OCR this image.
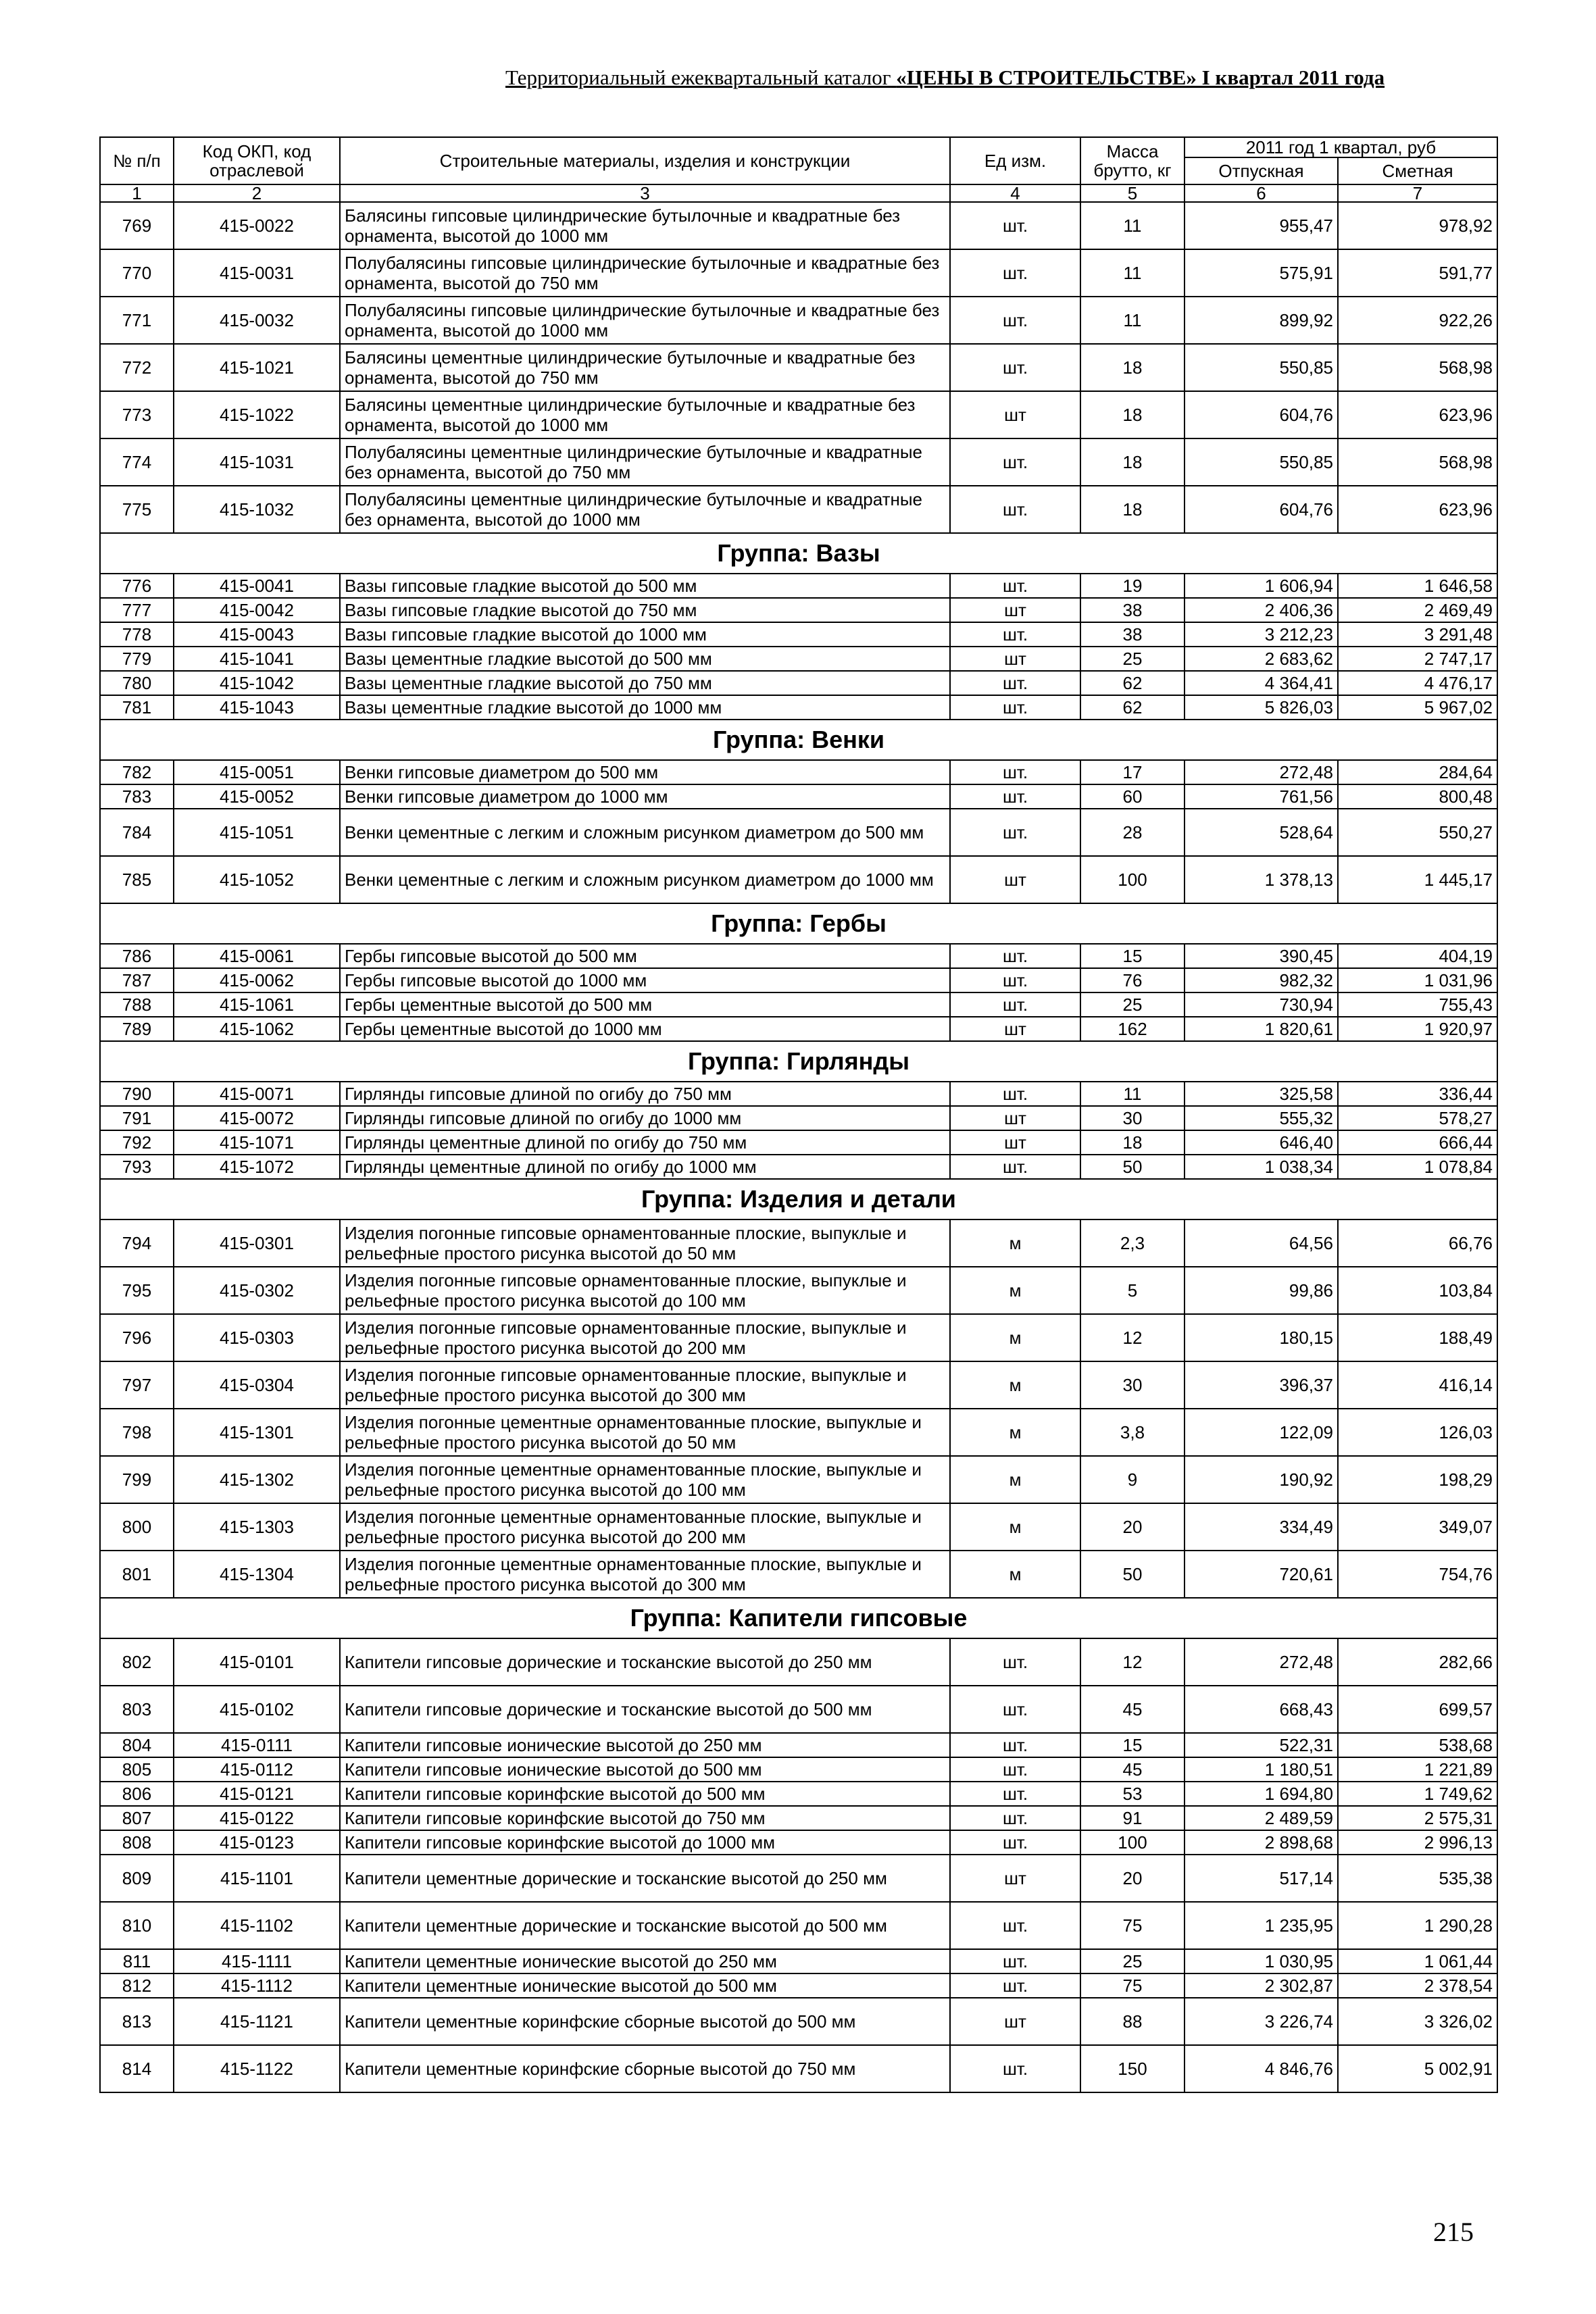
Территориальный ежеквартальный каталог «ЦЕНЫ В СТРОИТЕЛЬСТВЕ» I квартал 2011 года
№ п/п	Код ОКП, код отраслевой	Строительные материалы, изделия и конструкции	Ед изм.	Масса брутто, кг	2011 год 1 квартал, руб	
					Отпускная	Сметная
1	2	3	4	5	6	7
769	415-0022	Балясины гипсовые цилиндрические бутылочные и квадратные без орнамента, высотой до 1000 мм	шт.	11	955,47	978,92
770	415-0031	Полубалясины гипсовые цилиндрические бутылочные и квадратные без орнамента, высотой до 750 мм	шт.	11	575,91	591,77
771	415-0032	Полубалясины гипсовые цилиндрические бутылочные и квадратные без орнамента, высотой до 1000 мм	шт.	11	899,92	922,26
772	415-1021	Балясины цементные цилиндрические бутылочные и квадратные без орнамента, высотой до 750 мм	шт.	18	550,85	568,98
773	415-1022	Балясины цементные цилиндрические бутылочные и квадратные без орнамента, высотой до 1000 мм	шт	18	604,76	623,96
774	415-1031	Полубалясины цементные цилиндрические бутылочные и квадратные без орнамента, высотой до 750 мм	шт.	18	550,85	568,98
775	415-1032	Полубалясины цементные цилиндрические бутылочные и квадратные без орнамента, высотой до 1000 мм	шт.	18	604,76	623,96
Группа: Вазы						
776	415-0041	Вазы гипсовые гладкие высотой до 500 мм	шт.	19	1 606,94	1 646,58
777	415-0042	Вазы гипсовые гладкие высотой до 750 мм	шт	38	2 406,36	2 469,49
778	415-0043	Вазы гипсовые гладкие высотой до 1000 мм	шт.	38	3 212,23	3 291,48
779	415-1041	Вазы цементные гладкие высотой до 500 мм	шт	25	2 683,62	2 747,17
780	415-1042	Вазы цементные гладкие высотой до 750 мм	шт.	62	4 364,41	4 476,17
781	415-1043	Вазы цементные гладкие высотой до 1000 мм	шт.	62	5 826,03	5 967,02
Группа: Венки						
782	415-0051	Венки гипсовые диаметром до 500 мм	шт.	17	272,48	284,64
783	415-0052	Венки гипсовые диаметром до 1000 мм	шт.	60	761,56	800,48
784	415-1051	Венки цементные с легким и сложным рисунком диаметром до 500 мм	шт.	28	528,64	550,27
785	415-1052	Венки цементные с легким и сложным рисунком диаметром до 1000 мм	шт	100	1 378,13	1 445,17
Группа: Гербы						
786	415-0061	Гербы гипсовые высотой до 500 мм	шт.	15	390,45	404,19
787	415-0062	Гербы гипсовые высотой до 1000 мм	шт.	76	982,32	1 031,96
788	415-1061	Гербы цементные высотой до 500 мм	шт.	25	730,94	755,43
789	415-1062	Гербы цементные высотой до 1000 мм	шт	162	1 820,61	1 920,97
Группа: Гирлянды						
790	415-0071	Гирлянды гипсовые длиной по огибу до 750 мм	шт.	11	325,58	336,44
791	415-0072	Гирлянды гипсовые длиной по огибу до 1000 мм	шт	30	555,32	578,27
792	415-1071	Гирлянды цементные длиной по огибу до 750 мм	шт	18	646,40	666,44
793	415-1072	Гирлянды цементные длиной по огибу до 1000 мм	шт.	50	1 038,34	1 078,84
Группа: Изделия и детали						
794	415-0301	Изделия погонные гипсовые орнаментованные плоские, выпуклые и рельефные простого рисунка высотой до 50 мм	м	2,3	64,56	66,76
795	415-0302	Изделия погонные гипсовые орнаментованные плоские, выпуклые и рельефные простого рисунка высотой до 100 мм	м	5	99,86	103,84
796	415-0303	Изделия погонные гипсовые орнаментованные плоские, выпуклые и рельефные простого рисунка высотой до 200 мм	м	12	180,15	188,49
797	415-0304	Изделия погонные гипсовые орнаментованные плоские, выпуклые и рельефные простого рисунка высотой до 300 мм	м	30	396,37	416,14
798	415-1301	Изделия погонные цементные орнаментованные плоские, выпуклые и рельефные простого рисунка высотой до 50 мм	м	3,8	122,09	126,03
799	415-1302	Изделия погонные цементные орнаментованные плоские, выпуклые и рельефные простого рисунка высотой до 100 мм	м	9	190,92	198,29
800	415-1303	Изделия погонные цементные орнаментованные плоские, выпуклые и рельефные простого рисунка высотой до 200 мм	м	20	334,49	349,07
801	415-1304	Изделия погонные цементные орнаментованные плоские, выпуклые и рельефные простого рисунка высотой до 300 мм	м	50	720,61	754,76
Группа: Капители гипсовые						
802	415-0101	Капители гипсовые дорические и тосканские высотой до 250 мм	шт.	12	272,48	282,66
803	415-0102	Капители гипсовые дорические и тосканские высотой до 500 мм	шт.	45	668,43	699,57
804	415-0111	Капители гипсовые ионические высотой до 250 мм	шт.	15	522,31	538,68
805	415-0112	Капители гипсовые ионические высотой до 500 мм	шт.	45	1 180,51	1 221,89
806	415-0121	Капители гипсовые коринфские высотой до 500 мм	шт.	53	1 694,80	1 749,62
807	415-0122	Капители гипсовые коринфские высотой до 750 мм	шт.	91	2 489,59	2 575,31
808	415-0123	Капители гипсовые коринфские высотой до 1000 мм	шт.	100	2 898,68	2 996,13
809	415-1101	Капители цементные дорические и тосканские высотой до 250 мм	шт	20	517,14	535,38
810	415-1102	Капители цементные дорические и тосканские высотой до 500 мм	шт.	75	1 235,95	1 290,28
811	415-1111	Капители цементные ионические высотой до 250 мм	шт.	25	1 030,95	1 061,44
812	415-1112	Капители цементные ионические высотой до 500 мм	шт.	75	2 302,87	2 378,54
813	415-1121	Капители цементные коринфские сборные высотой до 500 мм	шт	88	3 226,74	3 326,02
814	415-1122	Капители цементные коринфские сборные высотой до 750 мм	шт.	150	4 846,76	5 002,91
215
